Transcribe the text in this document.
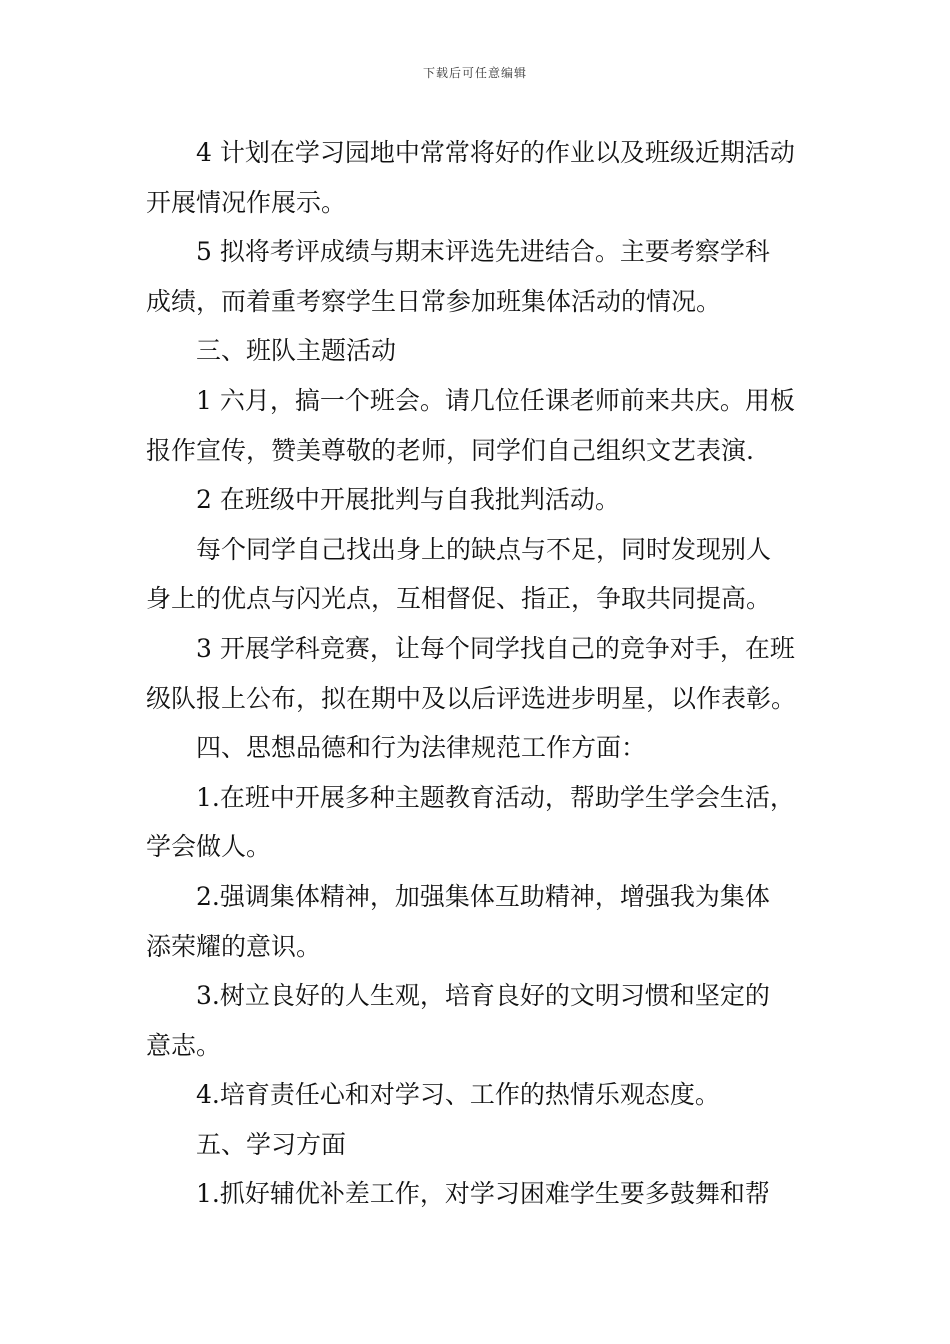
下载后可任意编辑

4 计划在学习园地中常常将好的作业以及班级近期活动
开展情况作展示。

5 拟将考评成绩与期末评选先进结合。主要考察学科
成绩，而着重考察学生日常参加班集体活动的情况。

三、班队主题活动

1 六月，搞一个班会。请几位任课老师前来共庆。用板
报作宣传，赞美尊敬的老师，同学们自己组织文艺表演.

2 在班级中开展批判与自我批判活动。

每个同学自己找出身上的缺点与不足，同时发现别人
身上的优点与闪光点，互相督促、指正，争取共同提高。

3 开展学科竞赛，让每个同学找自己的竞争对手，在班
级队报上公布，拟在期中及以后评选进步明星，以作表彰。

四、思想品德和行为法律规范工作方面：

1.在班中开展多种主题教育活动，帮助学生学会生活，
学会做人。

2.强调集体精神，加强集体互助精神，增强我为集体
添荣耀的意识。

3.树立良好的人生观，培育良好的文明习惯和坚定的
意志。

4.培育责任心和对学习、工作的热情乐观态度。

五、学习方面

1.抓好辅优补差工作，对学习困难学生要多鼓舞和帮
